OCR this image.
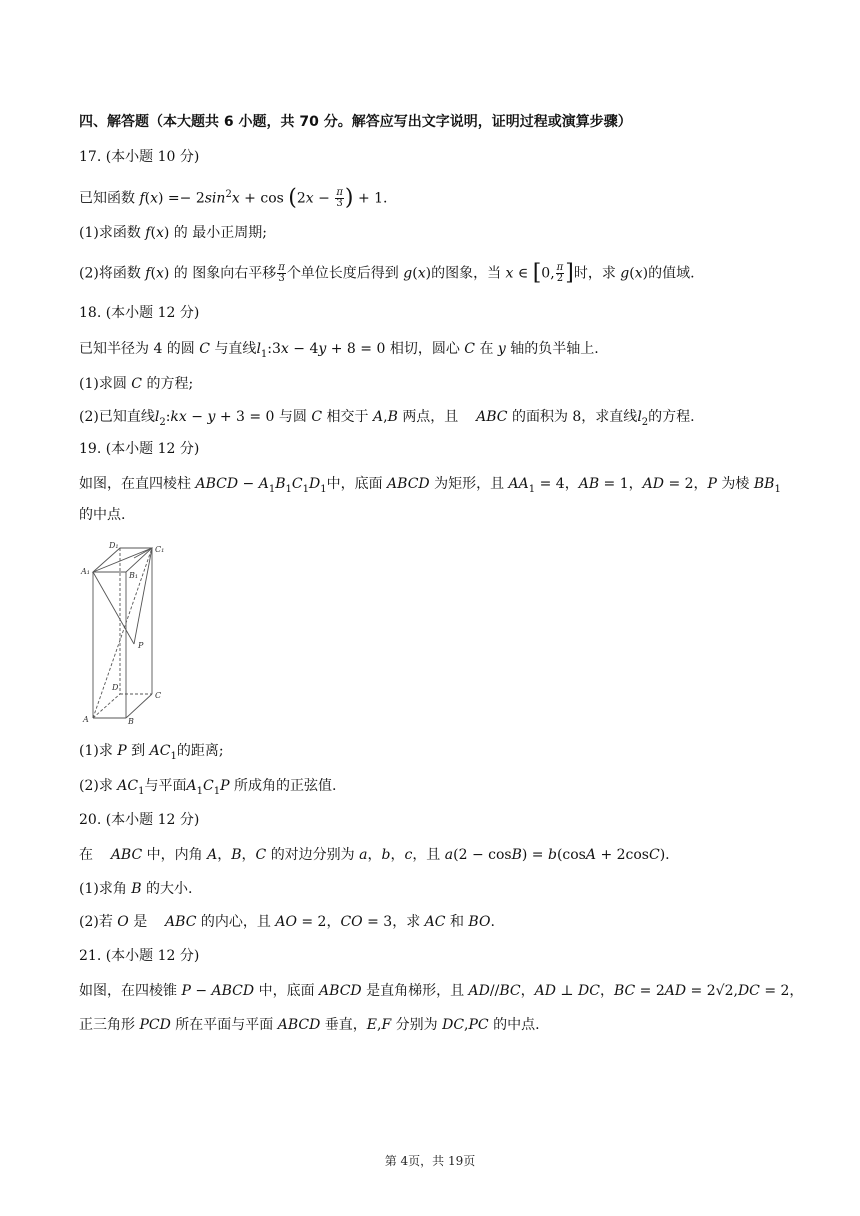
四、解答题（本大题共 6 小题，共 70 分。解答应写出文字说明，证明过程或演算步骤）
17. (本小题 10 分)
已知函数 $f(x) =- 2\sin^2x + \cos (2x - \frac{\pi}{3}$ ) + 1.
(1)求函数 f(x) 的 最小正周期;
(2)将函数 f(x) 的 图象向右平移 $\frac{\pi}{3}$ 个单位长度后得到 g(x)的图象，当 x ∈ [0, $\frac{\pi}{2}$ ]时，求 g(x)的值域.
18. (本小题 12 分)
已知半径为 4 的圆 C 与直线$l_1:3x - 4y + 8 = 0$ 相切，圆心 C 在 y 轴的负半轴上.
(1)求圆 C 的方程;
(2)已知直线$l_2:kx - y + 3 = 0$ 与圆 C 相交于 A,B 两点，且 ABC 的面积为 8，求直线$l_2$的方程.
19. (本小题 12 分)
如图，在直四棱柱 ABCD − $A_1B_1C_1D_1$中，底面 ABCD 为矩形，且 $AA_1 = 4$，AB = 1，AD = 2，P 为棱 $BB_1$
的中点.
D₁	C₁
A₁	B₁
P
D
C
A	B
(1)求 P 到 $AC_1$的距离;
(2)求 $AC_1$与平面$A_1C_1P$ 所成角的正弦值.
20. (本小题 12 分)
在 ABC 中，内角 A，B，C 的对边分别为 a，b，c，且 a(2 − cosB) = b(cosA + 2cosC).
(1)求角 B 的大小.
(2)若 O 是 ABC 的内心，且 AO = 2，CO = 3，求 AC 和 BO.
21. (本小题 12 分)
如图，在四棱锥 P − ABCD 中，底面 ABCD 是直角梯形，且 AD//BC，AD ⊥ DC，BC = 2AD = 2√2,DC = 2，
正三角形 PCD 所在平面与平面 ABCD 垂直，E,F 分别为 DC,PC 的中点.
第 4页，共 19页
